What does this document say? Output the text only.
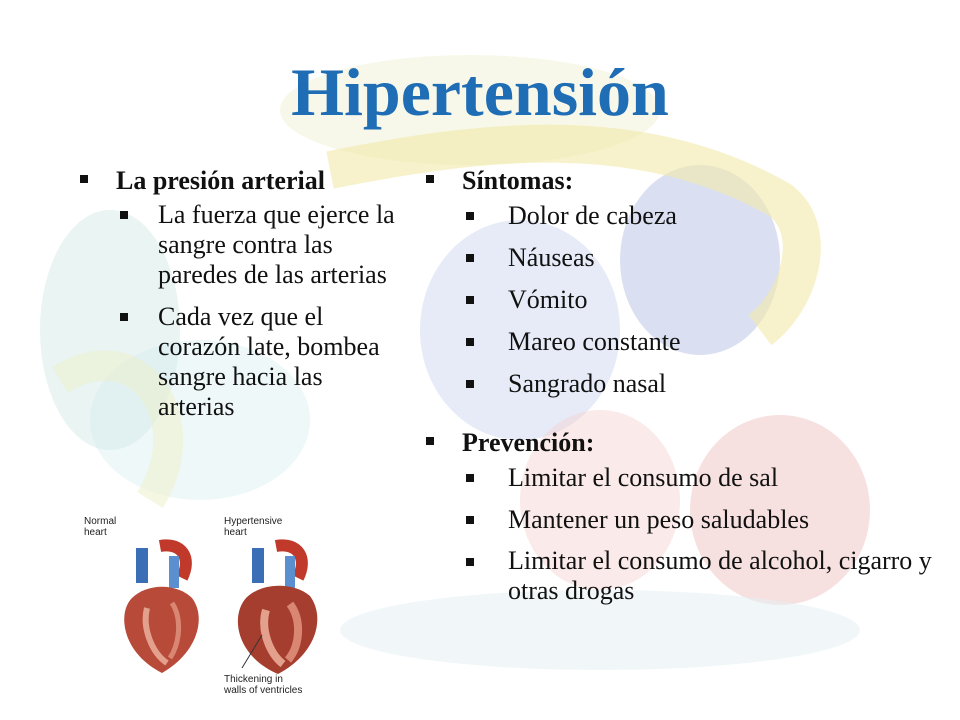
Hipertensión
La presión arterial
La fuerza que ejerce la sangre contra las paredes de las arterias
Cada vez que el corazón late, bombea sangre hacia las arterias
Síntomas:
Dolor de cabeza
Náuseas
Vómito
Mareo constante
Sangrado nasal
Prevención:
Limitar el consumo de sal
Mantener un peso saludables
Limitar el consumo de alcohol, cigarro y otras drogas
Normal
heart
Hypertensive
heart
Thickening in
walls of ventricles
